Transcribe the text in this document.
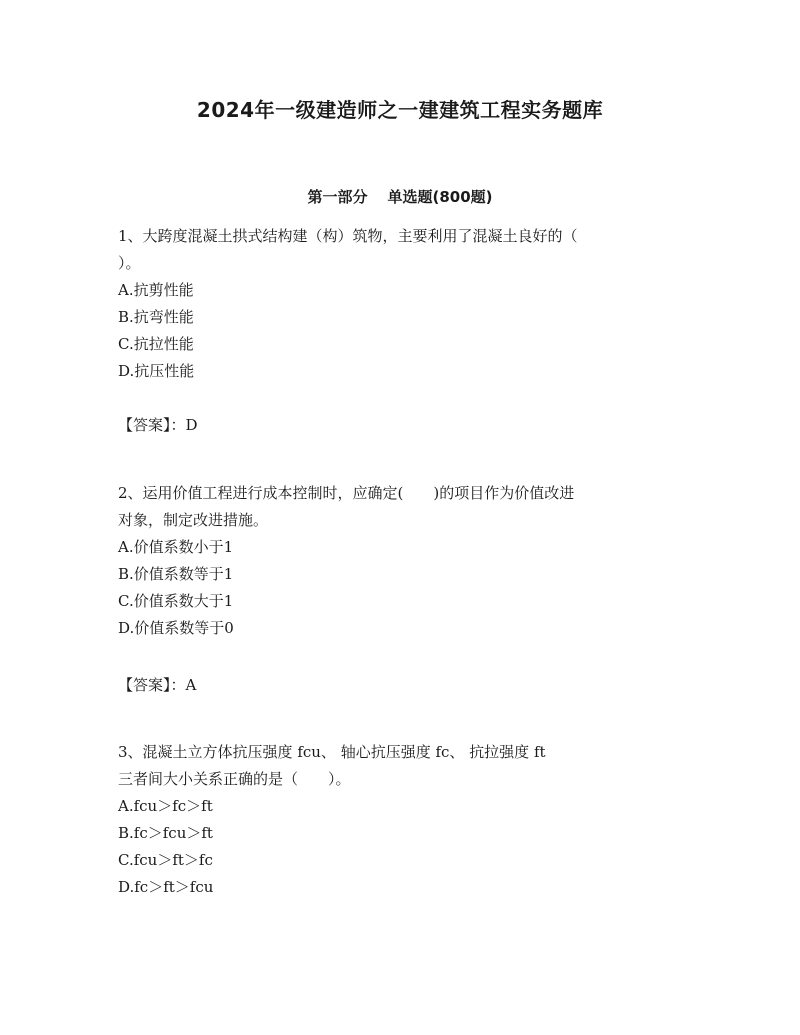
2024年一级建造师之一建建筑工程实务题库
第一部分 单选题(800题)
1、大跨度混凝土拱式结构建（构）筑物，主要利用了混凝土良好的（
）。
A.抗剪性能
B.抗弯性能
C.抗拉性能
D.抗压性能
【答案】：D
2、运用价值工程进行成本控制时，应确定(　　)的项目作为价值改进
对象，制定改进措施。
A.价值系数小于1
B.价值系数等于1
C.价值系数大于1
D.价值系数等于0
【答案】：A
3、混凝土立方体抗压强度 fcu、 轴心抗压强度 fc、 抗拉强度 ft
三者间大小关系正确的是（　　）。
A.fcu＞fc＞ft
B.fc＞fcu＞ft
C.fcu＞ft＞fc
D.fc＞ft＞fcu
